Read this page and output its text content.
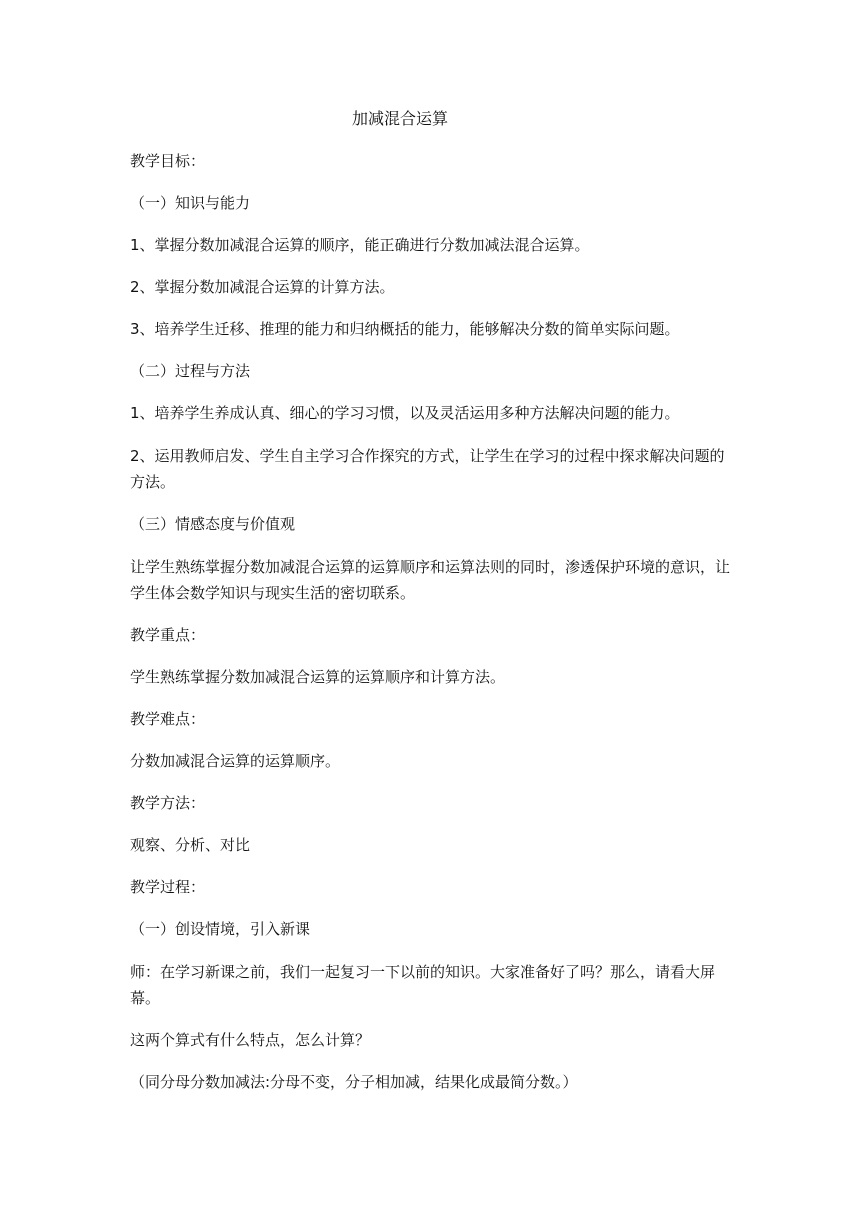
加减混合运算

教学目标：

（一）知识与能力

1、掌握分数加减混合运算的顺序，能正确进行分数加减法混合运算。

2、掌握分数加减混合运算的计算方法。

3、培养学生迁移、推理的能力和归纳概括的能力，能够解决分数的简单实际问题。

（二）过程与方法

1、培养学生养成认真、细心的学习习惯，以及灵活运用多种方法解决问题的能力。

2、运用教师启发、学生自主学习合作探究的方式，让学生在学习的过程中探求解决问题的方法。

（三）情感态度与价值观

让学生熟练掌握分数加减混合运算的运算顺序和运算法则的同时，渗透保护环境的意识，让学生体会数学知识与现实生活的密切联系。

教学重点：

学生熟练掌握分数加减混合运算的运算顺序和计算方法。

教学难点：

分数加减混合运算的运算顺序。

教学方法：

观察、分析、对比

教学过程：

（一）创设情境，引入新课

师：在学习新课之前，我们一起复习一下以前的知识。大家准备好了吗？那么，请看大屏幕。

这两个算式有什么特点，怎么计算？

（同分母分数加减法:分母不变，分子相加减，结果化成最简分数。）
